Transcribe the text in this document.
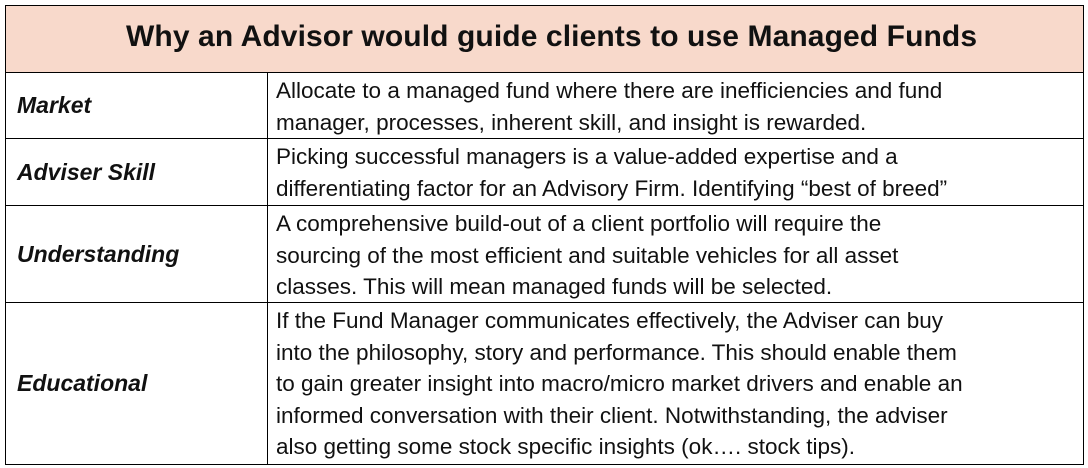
Why an Advisor would guide clients to use Managed Funds
Market
Allocate to a managed fund where there are inefficiencies and fund
manager, processes, inherent skill, and insight is rewarded.
Adviser Skill
Picking successful managers is a value-added expertise and a
differentiating factor for an Advisory Firm. Identifying “best of breed”
Understanding
A comprehensive build-out of a client portfolio will require the
sourcing of the most efficient and suitable vehicles for all asset
classes. This will mean managed funds will be selected.
Educational
If the Fund Manager communicates effectively, the Adviser can buy
into the philosophy, story and performance. This should enable them
to gain greater insight into macro/micro market drivers and enable an
informed conversation with their client. Notwithstanding, the adviser
also getting some stock specific insights (ok…. stock tips).
